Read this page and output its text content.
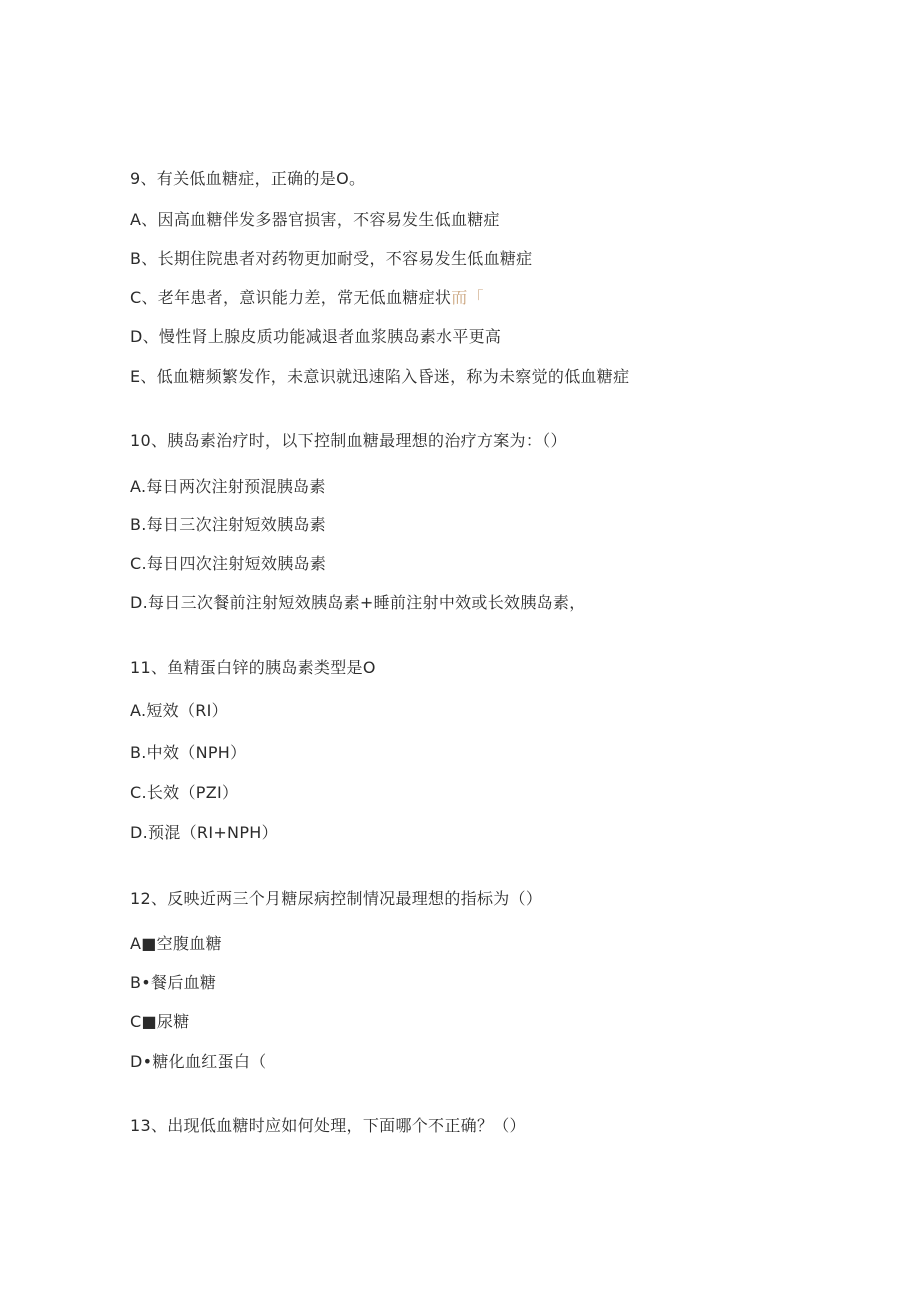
9、有关低血糖症，正确的是O。
A、因高血糖伴发多器官损害，不容易发生低血糖症
B、长期住院患者对药物更加耐受，不容易发生低血糖症
C、老年患者，意识能力差，常无低血糖症状而「
D、慢性肾上腺皮质功能减退者血浆胰岛素水平更高
E、低血糖频繁发作，未意识就迅速陷入昏迷，称为未察觉的低血糖症
10、胰岛素治疗时，以下控制血糖最理想的治疗方案为：（）
A.每日两次注射预混胰岛素
B.每日三次注射短效胰岛素
C.每日四次注射短效胰岛素
D.每日三次餐前注射短效胰岛素+睡前注射中效或长效胰岛素，
11、鱼精蛋白锌的胰岛素类型是O
A.短效（RI）
B.中效（NPH）
C.长效（PZI）
D.预混（RI+NPH）
12、反映近两三个月糖尿病控制情况最理想的指标为（）
A■空腹血糖
B•餐后血糖
C■尿糖
D•糖化血红蛋白（
13、出现低血糖时应如何处理，下面哪个不正确？（）
